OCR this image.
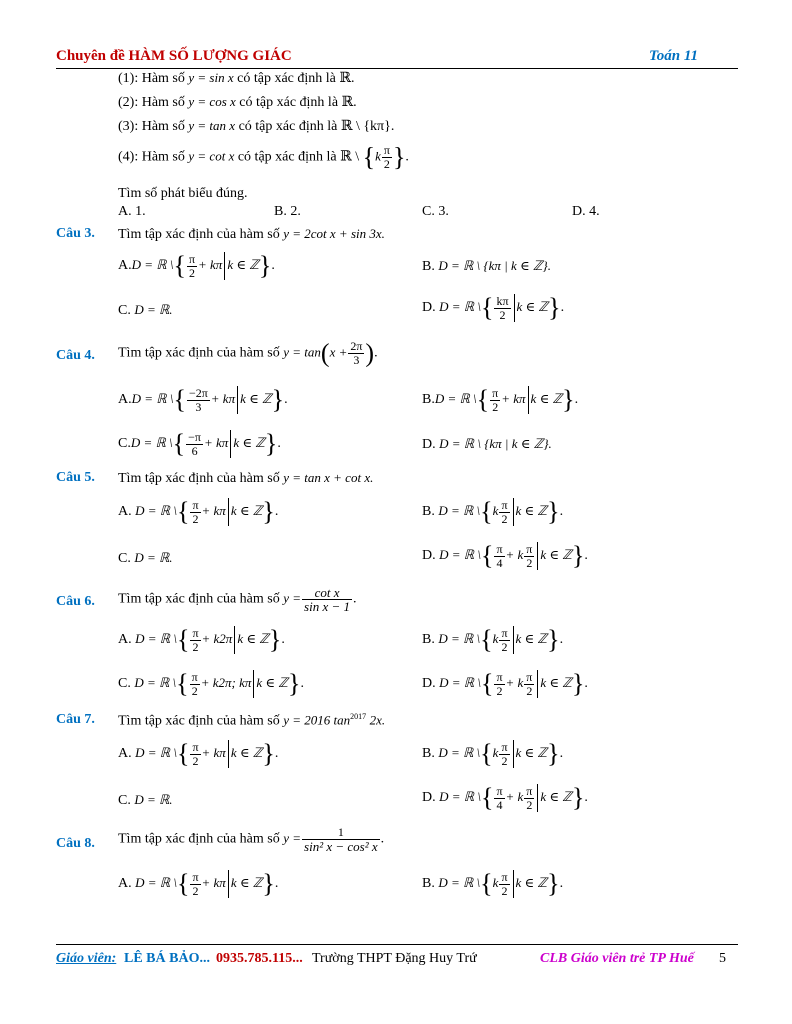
Chuyên đề HÀM SỐ LƯỢNG GIÁC	Toán 11
(1): Hàm số y = sin x có tập xác định là ℝ.
(2): Hàm số y = cos x có tập xác định là ℝ.
(3): Hàm số y = tan x có tập xác định là ℝ \ {kπ}.
(4): Hàm số y = cot x có tập xác định là ℝ \ {$k \frac{\pi}{2}$ }.
Tìm số phát biểu đúng.
A. 1.	B. 2.	C. 3.	D. 4.
Câu 3. Tìm tập xác định của hàm số y = 2cot x + sin 3x.
A.D = ℝ \{ $\frac{\pi}{2} + k\pi$ k ∈ ℤ}.	B. D = ℝ \ {kπ | k ∈ ℤ}.
C. D = ℝ.	D. D = ℝ \{ $\frac{k\pi}{2}$ k ∈ ℤ}.
Câu 4. Tìm tập xác định của hàm số $y = \tan(x + \frac{2\pi}{3}$ ).
A.D = ℝ \{ $\frac{-2\pi}{3} + k\pi$ k ∈ ℤ}.	B.D = ℝ \{ $\frac{\pi}{2} + k\pi$ k ∈ ℤ}.
C.D = ℝ \{ $\frac{-\pi}{6} + k\pi$ k ∈ ℤ}.	D. D = ℝ \ {kπ | k ∈ ℤ}.
Câu 5. Tìm tập xác định của hàm số y = tan x + cot x.
A. D = ℝ \{ $\frac{\pi}{2} + k\pi$ k ∈ ℤ}.	B. D = ℝ \{k $\frac{\pi}{2}$ k ∈ ℤ}.
C. D = ℝ.	D. D = ℝ \{ $\frac{\pi}{4} + k \frac{\pi}{2}$ k ∈ ℤ}.
Câu 6. Tìm tập xác định của hàm số $y = \frac{\text{cot x}}{\text{sin x − 1}}$ .
A. D = ℝ \{ $\frac{\pi}{2} + k2\pi$ k ∈ ℤ}.	B. D = ℝ \{k $\frac{\pi}{2}$ k ∈ ℤ}.
C. D = ℝ \{ $\frac{\pi}{2} + k2\pi$; kπ k ∈ ℤ}.	D. D = ℝ \{ $\frac{\pi}{2} + k \frac{\pi}{2}$ k ∈ ℤ}.
Câu 7. Tìm tập xác định của hàm số y = 2016 $\tan^{2017} 2x$.
A. D = ℝ \{ $\frac{\pi}{2} + k\pi$ k ∈ ℤ}.	B. D = ℝ \{k $\frac{\pi}{2}$ k ∈ ℤ}.
C. D = ℝ.	D. D = ℝ \{ $\frac{\pi}{4} + k \frac{\pi}{2}$ k ∈ ℤ}.
Câu 8. Tìm tập xác định của hàm số $y = \frac{1}{\text{sin² x − cos² x}}$ .
A. D = ℝ \{ $\frac{\pi}{2} + k\pi$ k ∈ ℤ}.	B. D = ℝ \{k $\frac{\pi}{2}$ k ∈ ℤ}.
Giáo viên: LÊ BÁ BẢO... 0935.785.115... Trường THPT Đặng Huy Trứ	CLB Giáo viên trẻ TP Huế 5
